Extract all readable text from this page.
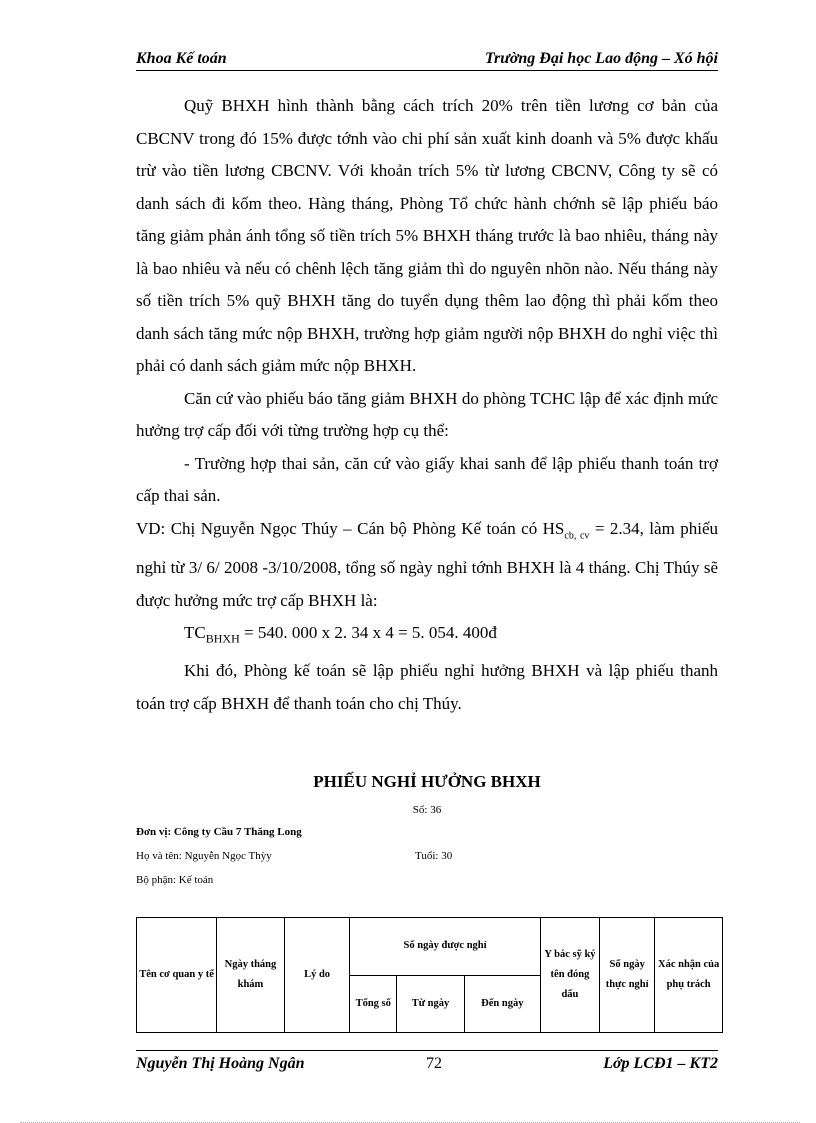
Khoa Kế toán	Trường Đại học Lao động – Xó hội

Quỹ BHXH hình thành bằng cách trích 20% trên tiền lương cơ bản của CBCNV trong đó 15% được tớnh vào chi phí sản xuất kinh doanh và 5% được khấu trừ vào tiền lương CBCNV. Với khoản trích 5% từ lương CBCNV, Công ty sẽ có danh sách đi kốm theo. Hàng tháng, Phòng Tổ chức hành chớnh sẽ lập phiếu báo tăng giảm phản ánh tổng số tiền trích 5% BHXH tháng trước là bao nhiêu, tháng này là bao nhiêu và nếu có chênh lệch tăng giảm thì do nguyên nhõn nào. Nếu tháng này số tiền trích 5% quỹ BHXH tăng do tuyển dụng thêm lao động thì phải kốm theo danh sách tăng mức nộp BHXH, trường hợp giảm người nộp BHXH do nghỉ việc thì phải có danh sách giảm mức nộp BHXH.

Căn cứ vào phiếu báo tăng giảm BHXH do phòng TCHC lập để xác định mức hưởng trợ cấp đối với từng trường hợp cụ thể:

- Trường hợp thai sản, căn cứ vào giấy khai sanh để lập phiếu thanh toán trợ cấp thai sản.

VD: Chị Nguyễn Ngọc Thúy – Cán bộ Phòng Kế toán có $HS_{cb, cv} = 2.34$, làm phiếu nghỉ từ 3/ 6/ 2008 -3/10/2008, tổng số ngày nghỉ tớnh BHXH là 4 tháng. Chị Thúy sẽ được hưởng mức trợ cấp BHXH là:

$TC_{BHXH} = 540$. 000 x 2. 34 x 4 = 5. 054. 400đ

Khi đó, Phòng kế toán sẽ lập phiếu nghỉ hưởng BHXH và lập phiếu thanh toán trợ cấp BHXH để thanh toán cho chị Thúy.

PHIẾU NGHỈ HƯỞNG BHXH
Số: 36
Đơn vị: Công ty Cầu 7 Thăng Long
Họ và tên: Nguyễn Ngọc Thỳy	Tuổi: 30
Bộ phận: Kế toán
Tên cơ quan y tế	Ngày tháng khám	Lý do	Số ngày được nghỉ			Y bác sỹ ký tên đóng dấu	Số ngày thực nghỉ	Xác nhận của phụ trách
			Tổng số	Từ ngày	Đến ngày			
Nguyễn Thị Hoàng Ngân	72	Lớp LCĐ1 – KT2
